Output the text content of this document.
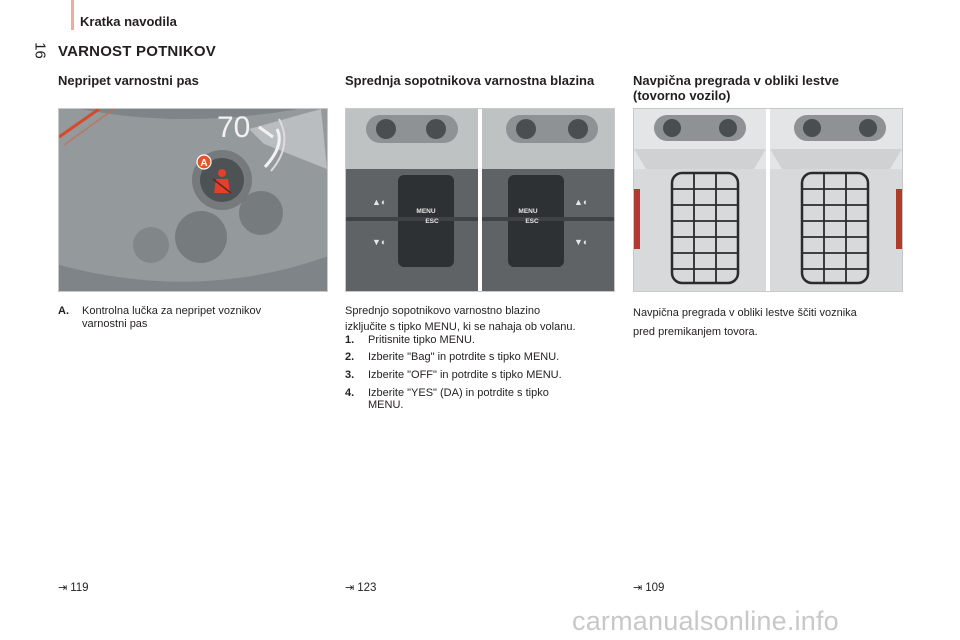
Kratka navodila
16 VARNOST POTNIKOV
Nepripet varnostni pas
70
A
A. Kontrolna lučka za nepripet voznikov
varnostni pas
⇥ 119
Sprednja sopotnikova varnostna blazina
MENU
ESC
MENU
ESC
▲◐
▼◐
▲◐
▼◐
Sprednjo sopotnikovo varnostno blazino
izključite s tipko MENU, ki se nahaja ob volanu.
1. Pritisnite tipko MENU.
2. Izberite "Bag" in potrdite s tipko MENU.
3. Izberite "OFF" in potrdite s tipko MENU.
4. Izberite "YES" (DA) in potrdite s tipko
MENU.
⇥ 123
Navpična pregrada v obliki lestve
(tovorno vozilo)
Navpična pregrada v obliki lestve ščiti voznika
pred premikanjem tovora.
⇥ 109
carmanualsonline.info
